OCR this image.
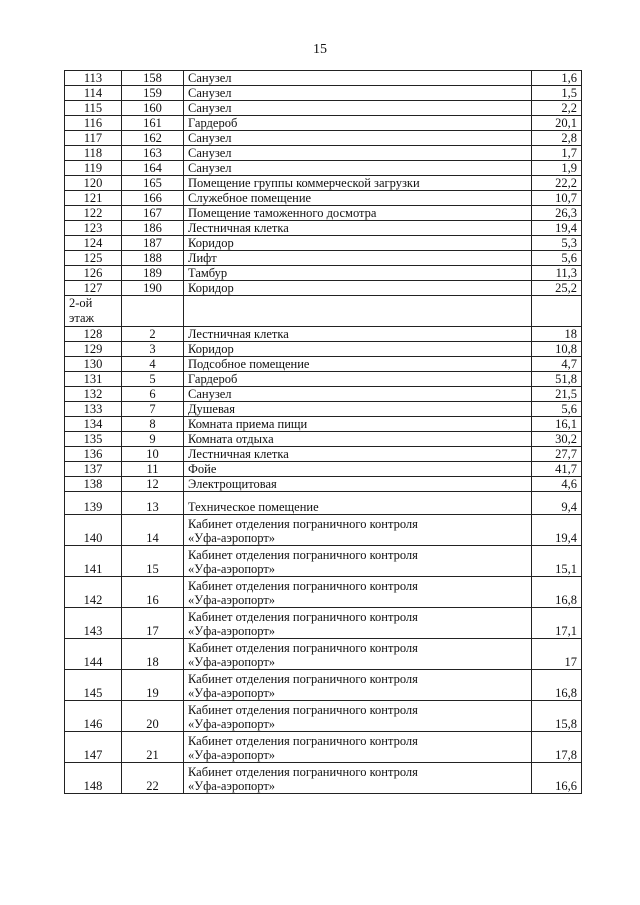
15
113	158	Санузел	1,6
114	159	Санузел	1,5
115	160	Санузел	2,2
116	161	Гардероб	20,1
117	162	Санузел	2,8
118	163	Санузел	1,7
119	164	Санузел	1,9
120	165	Помещение группы коммерческой загрузки	22,2
121	166	Служебное помещение	10,7
122	167	Помещение таможенного досмотра	26,3
123	186	Лестничная клетка	19,4
124	187	Коридор	5,3
125	188	Лифт	5,6
126	189	Тамбур	11,3
127	190	Коридор	25,2
2-ой этаж			
128	2	Лестничная клетка	18
129	3	Коридор	10,8
130	4	Подсобное помещение	4,7
131	5	Гардероб	51,8
132	6	Санузел	21,5
133	7	Душевая	5,6
134	8	Комната приема пищи	16,1
135	9	Комната отдыха	30,2
136	10	Лестничная клетка	27,7
137	11	Фойе	41,7
138	12	Электрощитовая	4,6
139	13	Техническое помещение	9,4
140	14	Кабинет отделения пограничного контроля
«Уфа-аэропорт»	19,4
141	15	Кабинет отделения пограничного контроля
«Уфа-аэропорт»	15,1
142	16	Кабинет отделения пограничного контроля
«Уфа-аэропорт»	16,8
143	17	Кабинет отделения пограничного контроля
«Уфа-аэропорт»	17,1
144	18	Кабинет отделения пограничного контроля
«Уфа-аэропорт»	17
145	19	Кабинет отделения пограничного контроля
«Уфа-аэропорт»	16,8
146	20	Кабинет отделения пограничного контроля
«Уфа-аэропорт»	15,8
147	21	Кабинет отделения пограничного контроля
«Уфа-аэропорт»	17,8
148	22	Кабинет отделения пограничного контроля
«Уфа-аэропорт»	16,6
